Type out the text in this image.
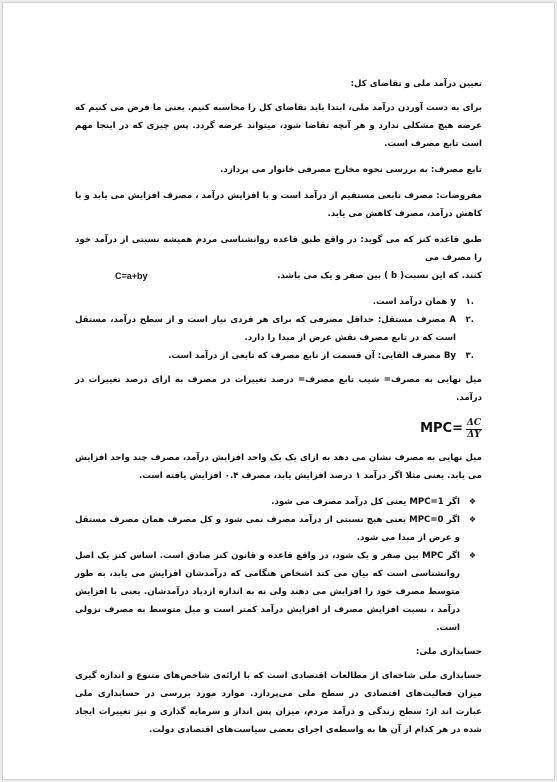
تعیین درآمد ملی و تقاضای کل:

برای به دست آوردن درآمد ملی، ابتدا باید تقاضای کل را محاسبه کنیم. یعنی ما فرض می کنیم که عرضه هیچ مشکلی ندارد و هر آنچه تقاضا شود، میتواند عرضه گردد. پس چیزی که در اینجا مهم است تابع مصرف است.

تابع مصرف: به بررسی نحوه مخارج مصرفی خانوار می پردازد.

مفروضات: مصرف تابعی مستقیم از درآمد است و با افزایش درآمد ، مصرف افزایش می یابد و با کاهش درآمد، مصرف کاهش می یابد.

طبق قاعده کنز که می گوید: در واقع طبق قاعده روانشناسی مردم همیشه نسبتی از درآمد خود را مصرف می
کنند. که این نسبت( b ) بین صفر و یک می باشد.
C=a+by
.۱
y همان درآمد است.
.۲
A مصرف مستقل: حداقل مصرفی که برای هر فردی نیاز است و از سطح درآمد، مستقل است که در تابع مصرف نقش عرض از مبدا را دارد.
.۳
By مصرف القایی: آن قسمت از تابع مصرف که تابعی از درآمد است.

میل نهایی به مصرف= شیب تابع مصرف= درصد تغییرات در مصرف به ازای درصد تغییرات در درآمد.

$MPC= \frac{\Delta C}{\Delta Y}$

میل نهایی به مصرف نشان می دهد به ازای یک یک واحد افزایش درآمد، مصرف چند واحد افزایش می یابد. یعنی مثلا اگر درآمد ۱ درصد افزایش یابد، مصرف ۰.۴ افزایش یافته است.

❖
اگر MPC=1 یعنی کل درآمد مصرف می شود.
❖
اگر MPC=0 یعنی هیچ نسبتی از درآمد مصرف نمی شود و کل مصرف همان مصرف مستقل و عرض از مبدا می شود.
❖
اگر MPC بین صفر و یک شود، در واقع قاعده و قانون کنز صادق است. اساس کنز یک اصل روانشناسی است که بیان می کند اشخاص هنگامی که درآمدشان افزایش می یابد، به طور متوسط مصرف خود را افزایش می دهند ولی نه به اندازه ازدیاد درآمدشان. یعنی با افزایش درآمد ، نسبت افزایش مصرف از افزایش درآمد کمتر است و میل متوسط به مصرف نزولی است.

حسابداری ملی:

حسابداری ملی شاخه‌ای از مطالعات اقتصادی است که با ارائه‌ی شاخص‌های متنوع و اندازه گیری میزان فعالیت‌های اقتصادی در سطح ملی می‌پردازد. موارد مورد بررسی در حسابداری ملی عبارت اند از: سطح زندگی و درآمد مردم، میزان پس انداز و سرمایه گذاری و نیز تغییرات ایجاد شده در هر کدام از آن ها به واسطه‌ی اجرای بعضی سیاست‌های اقتصادی دولت.
